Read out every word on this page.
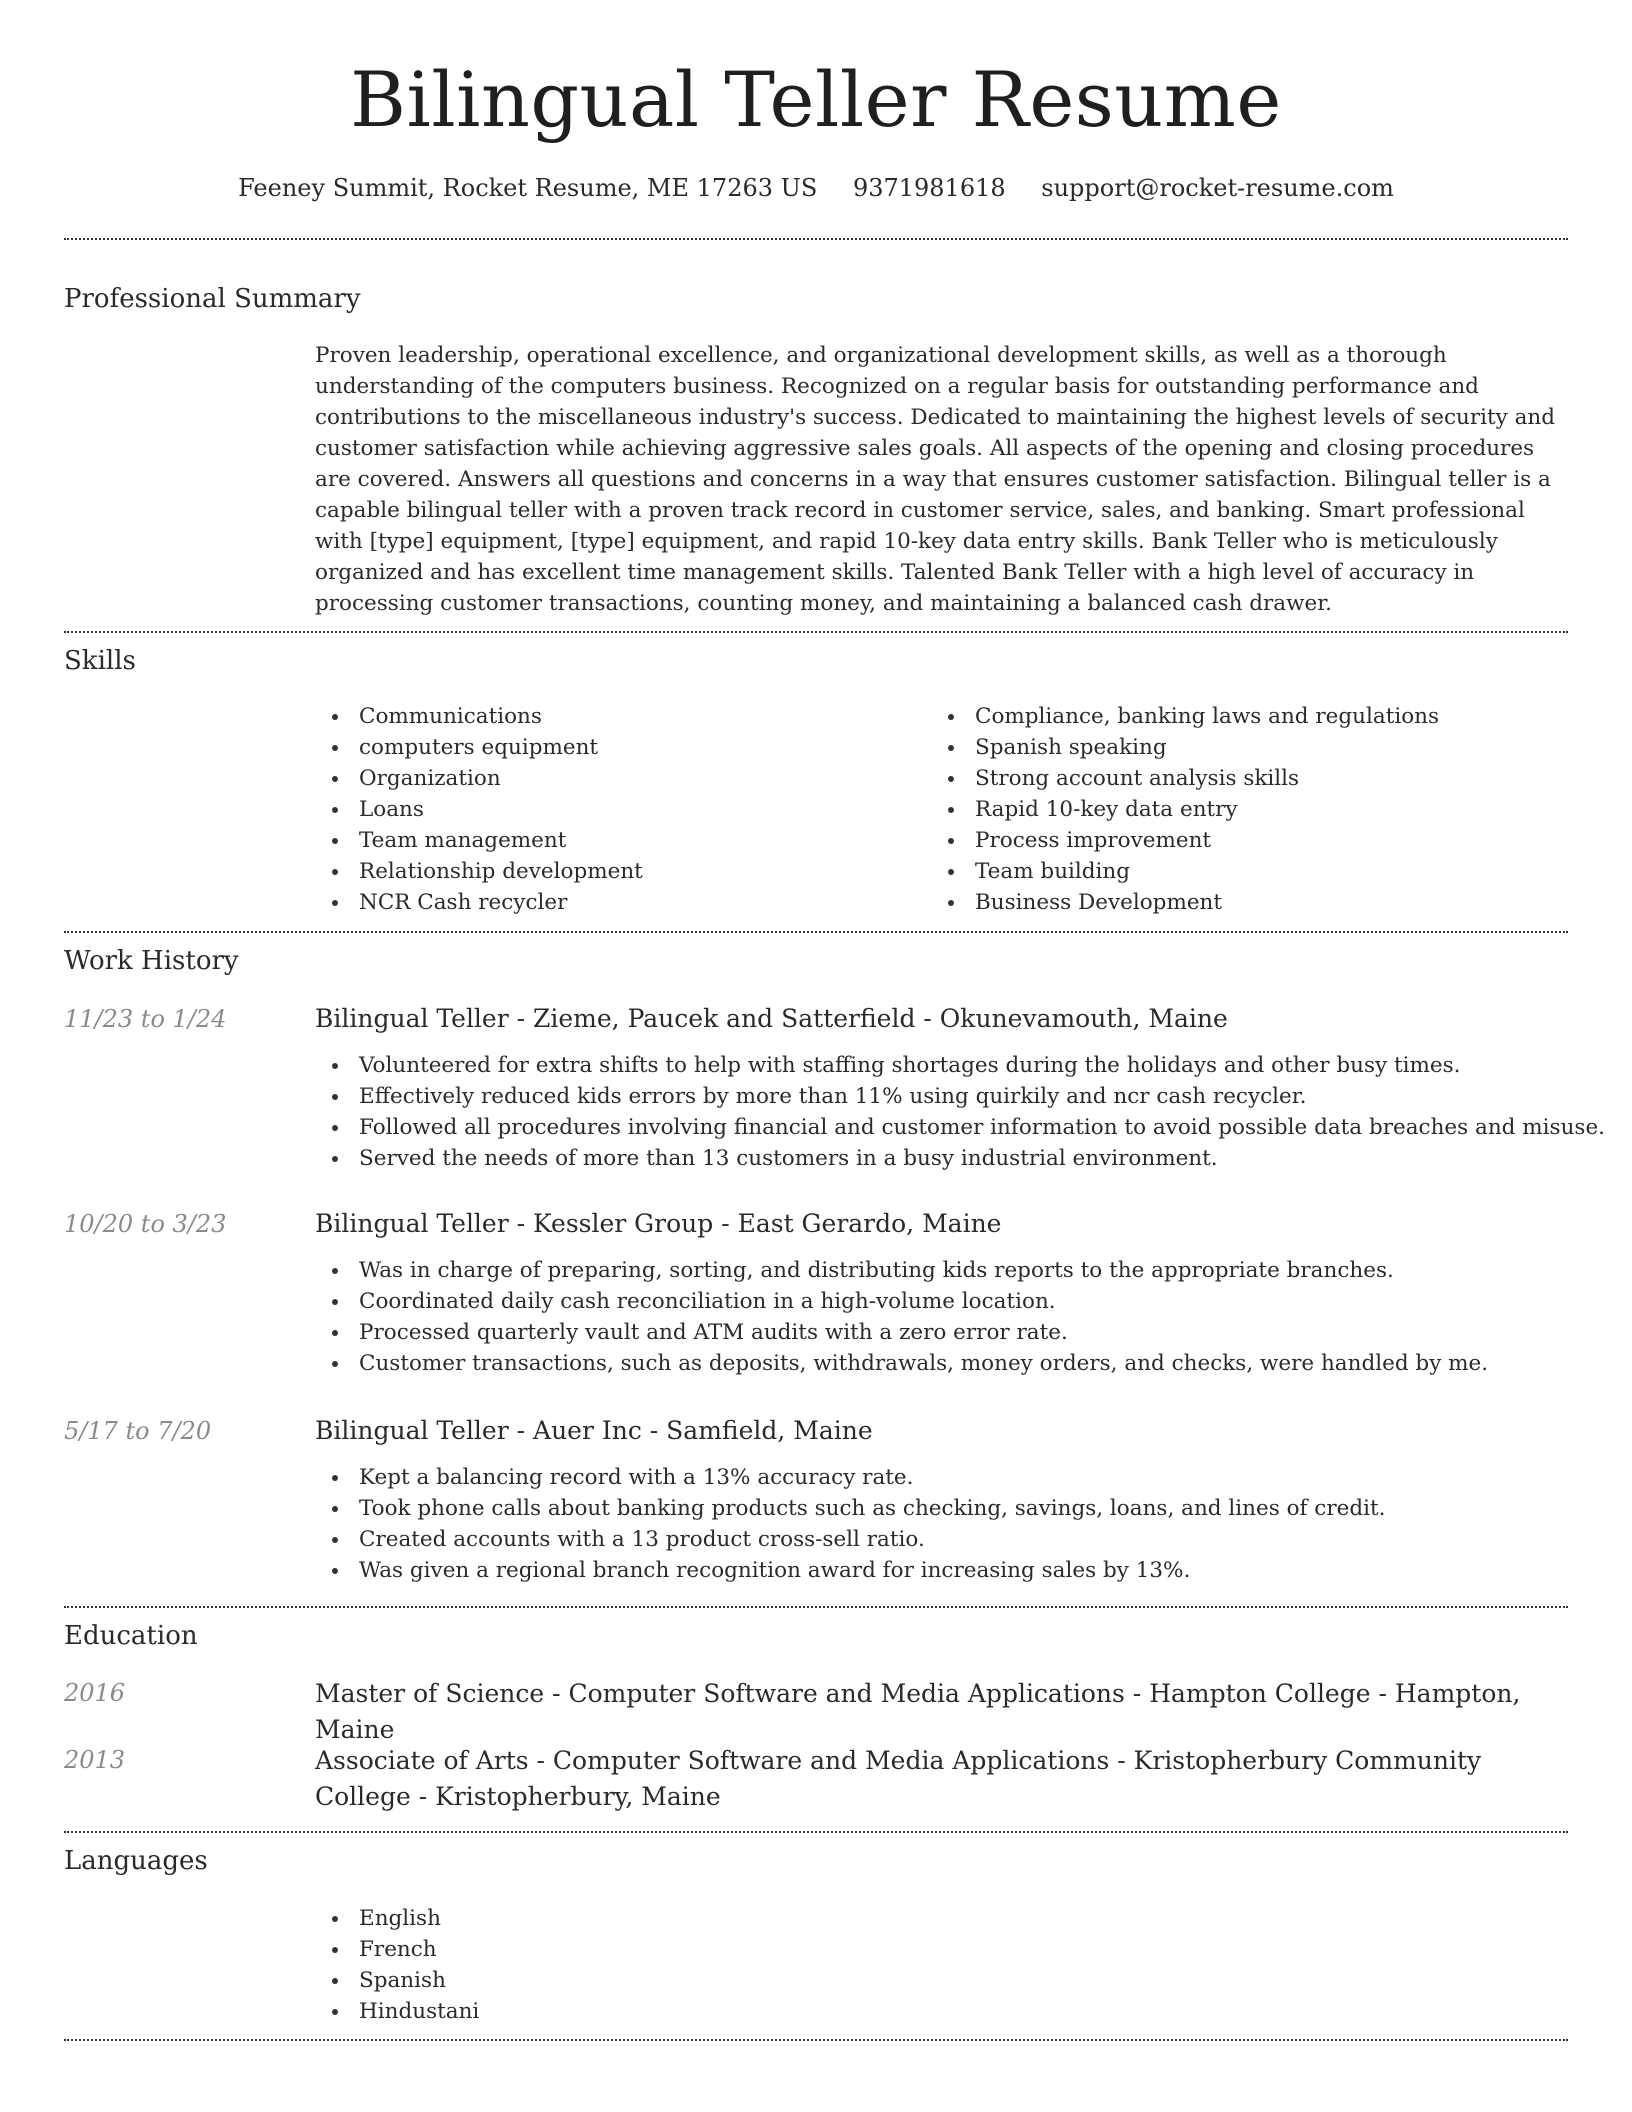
Bilingual Teller Resume
Feeney Summit, Rocket Resume, ME 17263 US 9371981618 support@rocket-resume.com
Professional Summary

Proven leadership, operational excellence, and organizational development skills, as well as a thorough understanding of the computers business. Recognized on a regular basis for outstanding performance and contributions to the miscellaneous industry's success. Dedicated to maintaining the highest levels of security and customer satisfaction while achieving aggressive sales goals. All aspects of the opening and closing procedures are covered. Answers all questions and concerns in a way that ensures customer satisfaction. Bilingual teller is a capable bilingual teller with a proven track record in customer service, sales, and banking. Smart professional with [type] equipment, [type] equipment, and rapid 10-key data entry skills. Bank Teller who is meticulously organized and has excellent time management skills. Talented Bank Teller with a high level of accuracy in processing customer transactions, counting money, and maintaining a balanced cash drawer.

Skills
Communications
computers equipment
Organization
Loans
Team management
Relationship development
NCR Cash recycler
Compliance, banking laws and regulations
Spanish speaking
Strong account analysis skills
Rapid 10-key data entry
Process improvement
Team building
Business Development
Work History
11/23 to 1/24	Bilingual Teller - Zieme, Paucek and Satterfield - Okunevamouth, Maine

Volunteered for extra shifts to help with staffing shortages during the holidays and other busy times.
Effectively reduced kids errors by more than 11% using quirkily and ncr cash recycler.
Followed all procedures involving financial and customer information to avoid possible data breaches and misuse.
Served the needs of more than 13 customers in a busy industrial environment.
10/20 to 3/23	Bilingual Teller - Kessler Group - East Gerardo, Maine

Was in charge of preparing, sorting, and distributing kids reports to the appropriate branches.
Coordinated daily cash reconciliation in a high-volume location.
Processed quarterly vault and ATM audits with a zero error rate.
Customer transactions, such as deposits, withdrawals, money orders, and checks, were handled by me.
5/17 to 7/20	Bilingual Teller - Auer Inc - Samfield, Maine

Kept a balancing record with a 13% accuracy rate.
Took phone calls about banking products such as checking, savings, loans, and lines of credit.
Created accounts with a 13 product cross-sell ratio.
Was given a regional branch recognition award for increasing sales by 13%.
Education
2016	Master of Science - Computer Software and Media Applications - Hampton College - Hampton, Maine

2013	Associate of Arts - Computer Software and Media Applications - Kristopherbury Community College - Kristopherbury, Maine

Languages
English
French
Spanish
Hindustani
